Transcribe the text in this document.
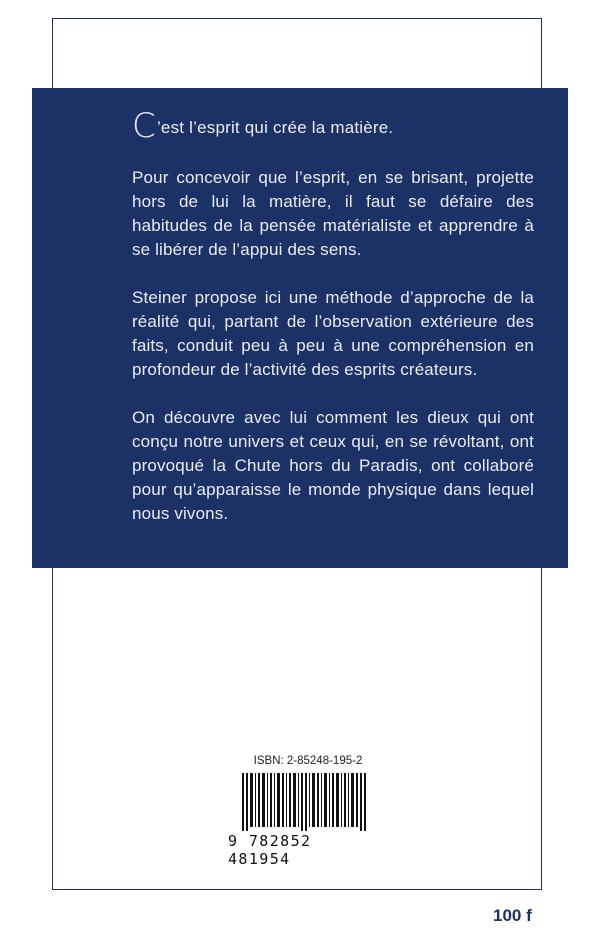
C’est l’esprit qui crée la matière.

Pour concevoir que l’esprit, en se brisant, projette hors de lui la matière, il faut se défaire des habitudes de la pensée matérialiste et apprendre à se libérer de l’appui des sens.

Steiner propose ici une méthode d’approche de la réalité qui, partant de l’observation extérieure des faits, conduit peu à peu à une compréhension en profondeur de l’activité des esprits créateurs.

On découvre avec lui comment les dieux qui ont conçu notre univers et ceux qui, en se révoltant, ont provoqué la Chute hors du Paradis, ont collaboré pour qu’apparaisse le monde physique dans lequel nous vivons.

ISBN: 2-85248-195-2
9 782852 481954
100 f
